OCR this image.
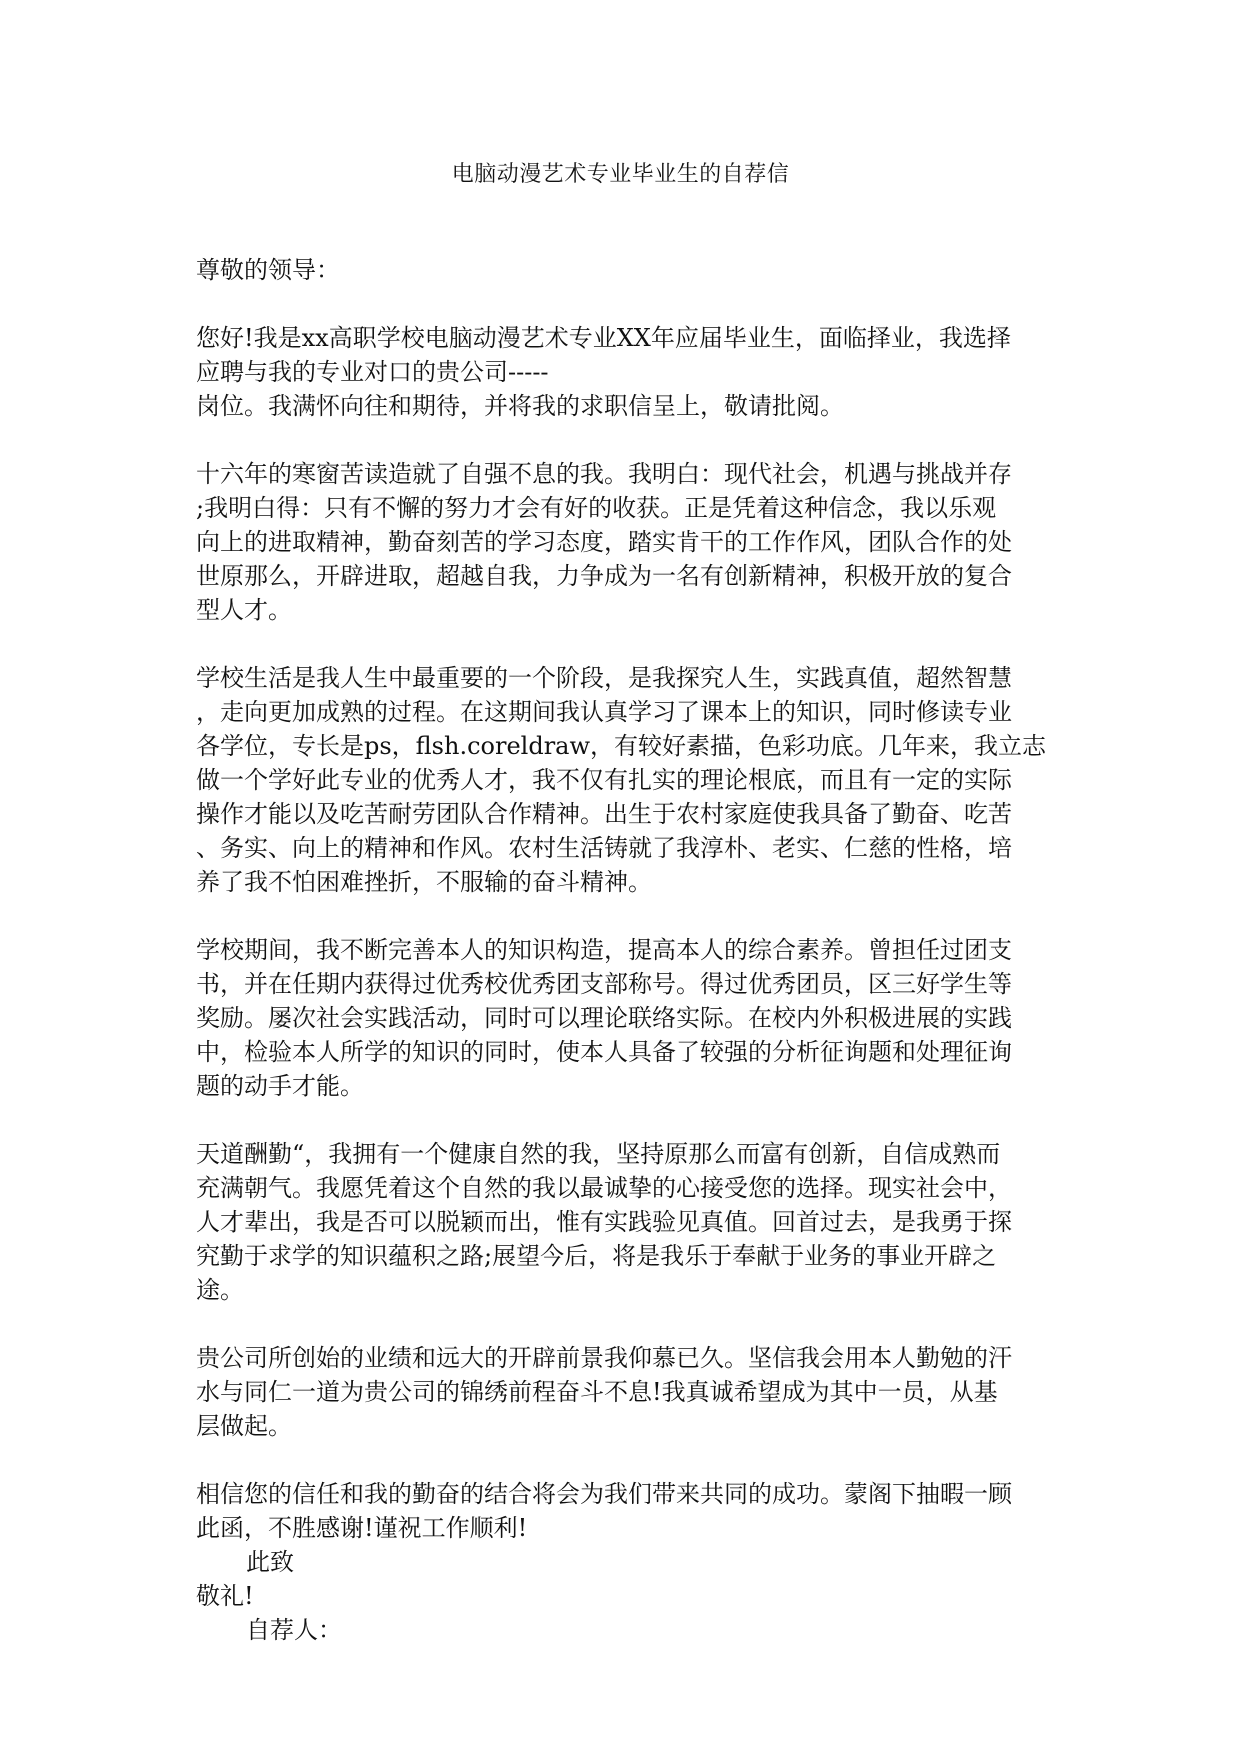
电脑动漫艺术专业毕业生的自荐信
尊敬的领导：
您好!我是xx高职学校电脑动漫艺术专业XX年应届毕业生，面临择业，我选择
应聘与我的专业对口的贵公司-----
岗位。我满怀向往和期待，并将我的求职信呈上，敬请批阅。
十六年的寒窗苦读造就了自强不息的我。我明白：现代社会，机遇与挑战并存
;我明白得：只有不懈的努力才会有好的收获。正是凭着这种信念，我以乐观
向上的进取精神，勤奋刻苦的学习态度，踏实肯干的工作作风，团队合作的处
世原那么，开辟进取，超越自我，力争成为一名有创新精神，积极开放的复合
型人才。
学校生活是我人生中最重要的一个阶段，是我探究人生，实践真值，超然智慧
，走向更加成熟的过程。在这期间我认真学习了课本上的知识，同时修读专业
各学位，专长是ps，flsh.coreldraw，有较好素描，色彩功底。几年来，我立志
做一个学好此专业的优秀人才，我不仅有扎实的理论根底，而且有一定的实际
操作才能以及吃苦耐劳团队合作精神。出生于农村家庭使我具备了勤奋、吃苦
、务实、向上的精神和作风。农村生活铸就了我淳朴、老实、仁慈的性格，培
养了我不怕困难挫折，不服输的奋斗精神。
学校期间，我不断完善本人的知识构造，提高本人的综合素养。曾担任过团支
书，并在任期内获得过优秀校优秀团支部称号。得过优秀团员，区三好学生等
奖励。屡次社会实践活动，同时可以理论联络实际。在校内外积极进展的实践
中，检验本人所学的知识的同时，使本人具备了较强的分析征询题和处理征询
题的动手才能。
天道酬勤“，我拥有一个健康自然的我，坚持原那么而富有创新，自信成熟而
充满朝气。我愿凭着这个自然的我以最诚挚的心接受您的选择。现实社会中，
人才辈出，我是否可以脱颖而出，惟有实践验见真值。回首过去，是我勇于探
究勤于求学的知识蕴积之路;展望今后，将是我乐于奉献于业务的事业开辟之
途。
贵公司所创始的业绩和远大的开辟前景我仰慕已久。坚信我会用本人勤勉的汗
水与同仁一道为贵公司的锦绣前程奋斗不息!我真诚希望成为其中一员，从基
层做起。
相信您的信任和我的勤奋的结合将会为我们带来共同的成功。蒙阁下抽暇一顾
此函，不胜感谢!谨祝工作顺利!
此致
敬礼!
自荐人：
